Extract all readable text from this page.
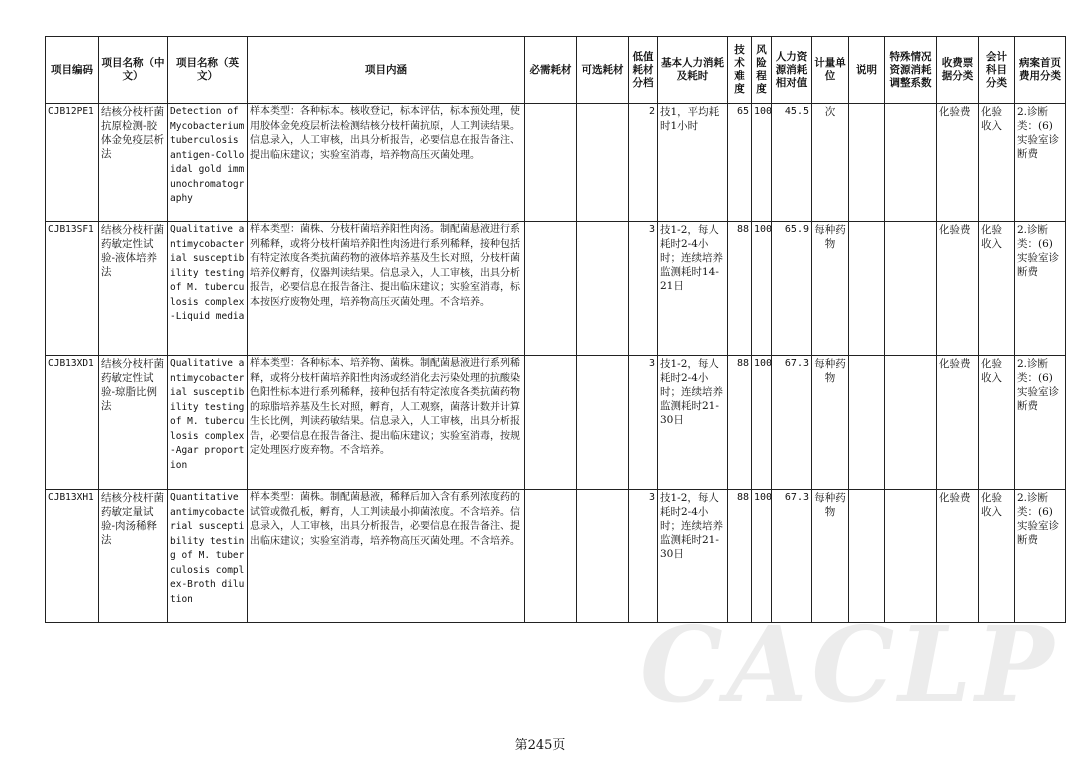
项目编码	项目名称（中文）	项目名称（英文）	项目内涵	必需耗材	可选耗材	低值耗材分档	基本人力消耗及耗时	技术难度	风险程度	人力资源消耗相对值	计量单位	说明	特殊情况资源消耗调整系数	收费票据分类	会计科目分类	病案首页费用分类
CJB12PE1	结核分枝杆菌抗原检测-胶体金免疫层析法	Detection of Mycobacterium tuberculosis antigen-Colloidal gold immunochromatography	样本类型：各种标本。核收登记，标本评估，标本预处理，使用胶体金免疫层析法检测结核分枝杆菌抗原，人工判读结果。信息录入，人工审核，出具分析报告，必要信息在报告备注、提出临床建议；实验室消毒，培养物高压灭菌处理。			2	技1，平均耗时1小时	65	100	45.5	次			化验费	化验收入	2.诊断类：(6)实验室诊断费
CJB13SF1	结核分枝杆菌药敏定性试验-液体培养法	Qualitative antimycobacterial susceptibility testing of M. tuberculosis complex-Liquid media	样本类型：菌株、分枝杆菌培养阳性肉汤。制配菌悬液进行系列稀释，或将分枝杆菌培养阳性肉汤进行系列稀释，接种包括有特定浓度各类抗菌药物的液体培养基及生长对照，分枝杆菌培养仪孵育，仪器判读结果。信息录入，人工审核，出具分析报告，必要信息在报告备注、提出临床建议；实验室消毒，标本按医疗废物处理，培养物高压灭菌处理。不含培养。			3	技1-2，每人耗时2-4小时；连续培养监测耗时14-21日	88	100	65.9	每种药物			化验费	化验收入	2.诊断类：(6)实验室诊断费
CJB13XD1	结核分枝杆菌药敏定性试验-琼脂比例法	Qualitative antimycobacterial susceptibility testing of M. tuberculosis complex-Agar proportion	样本类型：各种标本、培养物、菌株。制配菌悬液进行系列稀释，或将分枝杆菌培养阳性肉汤或经消化去污染处理的抗酸染色阳性标本进行系列稀释，接种包括有特定浓度各类抗菌药物的琼脂培养基及生长对照，孵育，人工观察，菌落计数并计算生长比例，判读药敏结果。信息录入，人工审核，出具分析报告，必要信息在报告备注、提出临床建议；实验室消毒，按规定处理医疗废弃物。不含培养。			3	技1-2，每人耗时2-4小时；连续培养监测耗时21-30日	88	100	67.3	每种药物			化验费	化验收入	2.诊断类：(6)实验室诊断费
CJB13XH1	结核分枝杆菌药敏定量试验-肉汤稀释法	Quantitative antimycobacterial susceptibility testing of M. tuberculosis complex-Broth dilution	样本类型：菌株。制配菌悬液，稀释后加入含有系列浓度药的试管或微孔板，孵育，人工判读最小抑菌浓度。不含培养。信息录入，人工审核，出具分析报告，必要信息在报告备注、提出临床建议；实验室消毒，培养物高压灭菌处理。不含培养。			3	技1-2，每人耗时2-4小时；连续培养监测耗时21-30日	88	100	67.3	每种药物			化验费	化验收入	2.诊断类：(6)实验室诊断费
CACLP
第245页
